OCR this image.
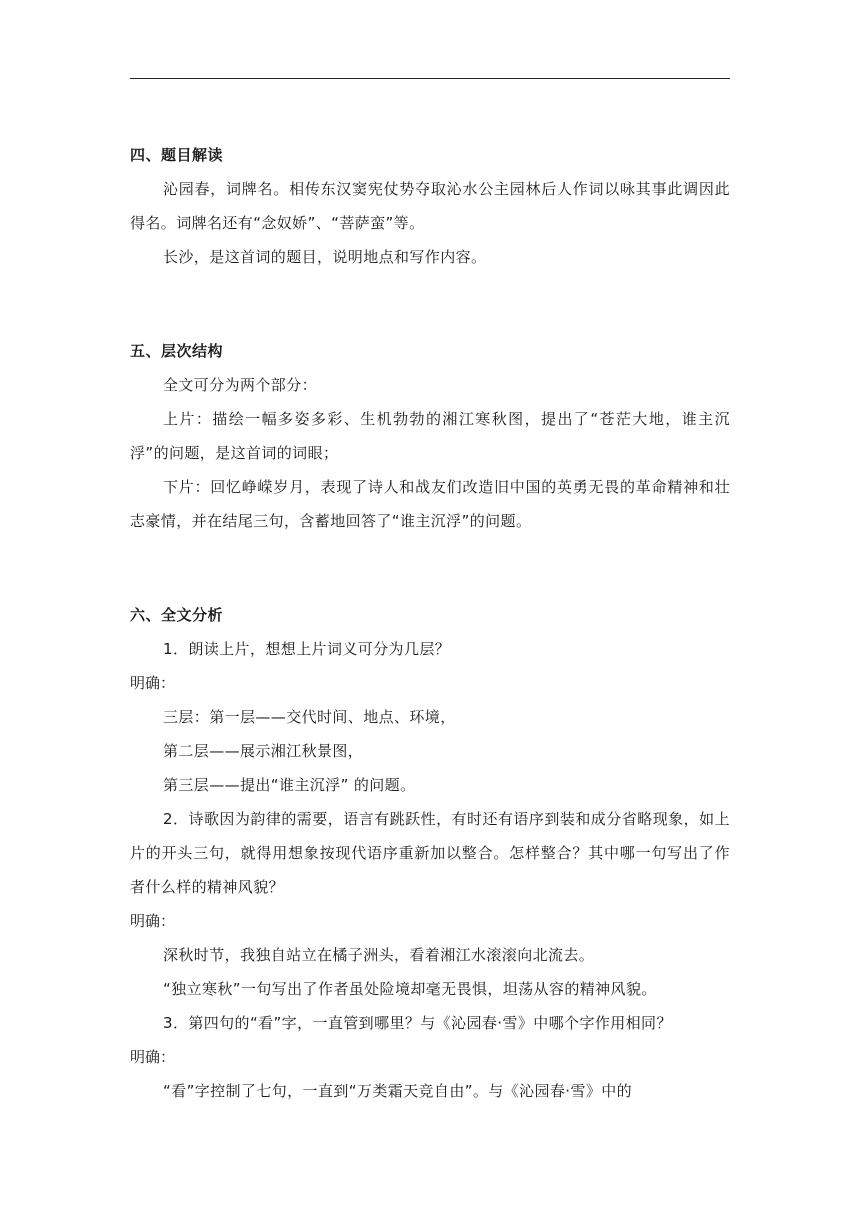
四、题目解读

沁园春，词牌名。相传东汉窦宪仗势夺取沁水公主园林后人作词以咏其事此调因此得名。词牌名还有“念奴娇”、“菩萨蛮”等。

长沙，是这首词的题目，说明地点和写作内容。

五、层次结构

全文可分为两个部分：

上片：描绘一幅多姿多彩、生机勃勃的湘江寒秋图，提出了“苍茫大地，谁主沉浮”的问题，是这首词的词眼；

下片：回忆峥嵘岁月，表现了诗人和战友们改造旧中国的英勇无畏的革命精神和壮志豪情，并在结尾三句，含蓄地回答了“谁主沉浮”的问题。

六、全文分析

1．朗读上片，想想上片词义可分为几层？

明确：

三层：第一层——交代时间、地点、环境，

第二层——展示湘江秋景图，

第三层——提出“谁主沉浮” 的问题。

2．诗歌因为韵律的需要，语言有跳跃性，有时还有语序到装和成分省略现象，如上片的开头三句，就得用想象按现代语序重新加以整合。怎样整合？其中哪一句写出了作者什么样的精神风貌？

明确：

深秋时节，我独自站立在橘子洲头，看着湘江水滚滚向北流去。

“独立寒秋”一句写出了作者虽处险境却毫无畏惧，坦荡从容的精神风貌。

3．第四句的“看”字，一直管到哪里？与《沁园春·雪》中哪个字作用相同？

明确：

“看”字控制了七句，一直到“万类霜天竞自由”。与《沁园春·雪》中的
